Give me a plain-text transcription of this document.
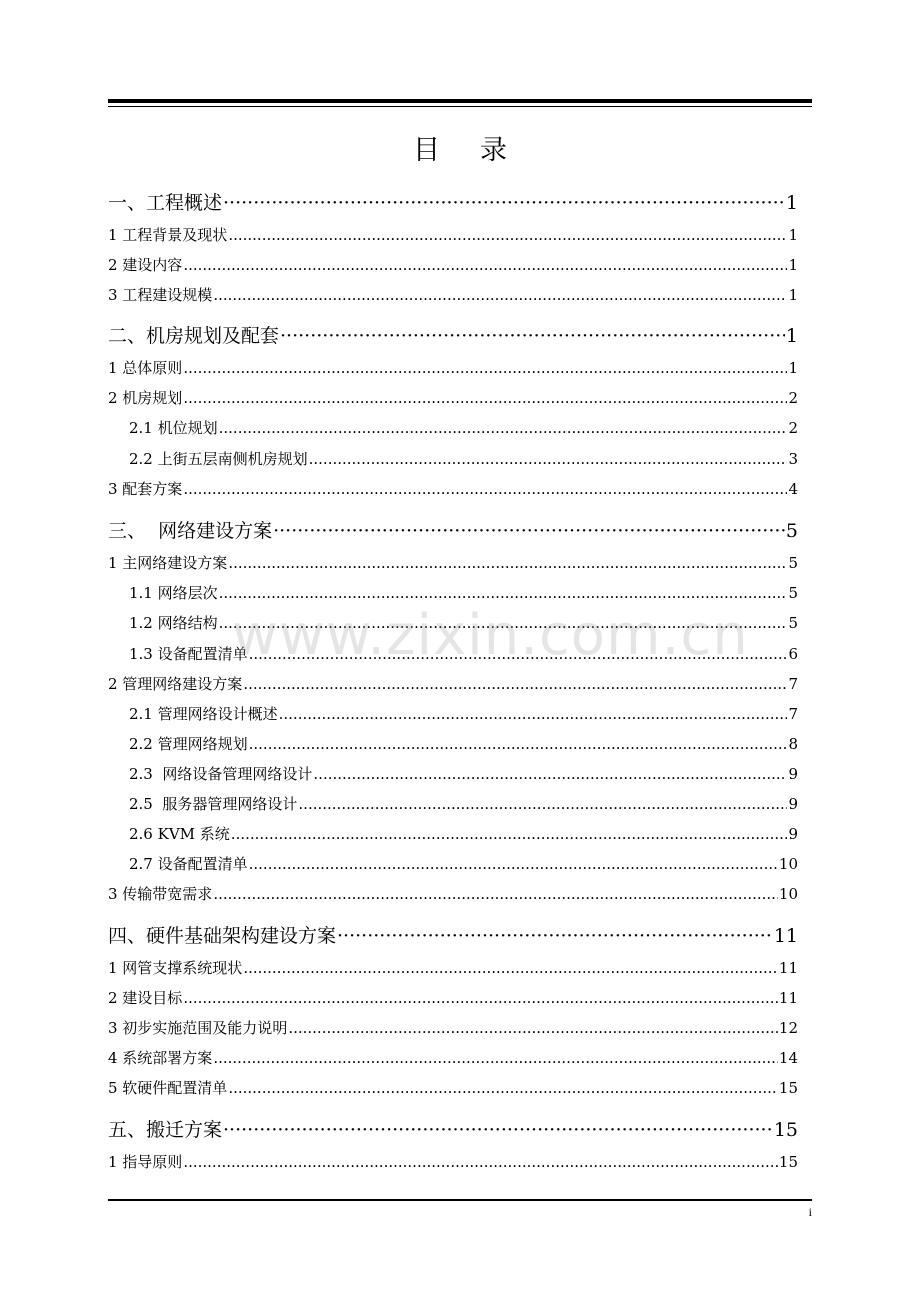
目 录
一、工程概述 ·····	1
1 工程背景及现状 .....	1
2 建设内容 .....	1
3 工程建设规模 .....	1
二、机房规划及配套 ·····	1
1 总体原则 .....	1
2 机房规划 .....	2
2.1 机位规划 .....	2
2.2 上街五层南侧机房规划 .....	3
3 配套方案 .....	4
三、  网络建设方案 ·····	5
1 主网络建设方案 .....	5
1.1 网络层次 .....	5
1.2 网络结构 .....	5
1.3 设备配置清单 .....	6
2 管理网络建设方案 .....	7
2.1 管理网络设计概述 .....	7
2.2 管理网络规划 .....	8
2.3  网络设备管理网络设计 .....	9
2.5  服务器管理网络设计 .....	9
2.6 KVM 系统 .....	9
2.7 设备配置清单 .....	10
3 传输带宽需求 .....	10
四、硬件基础架构建设方案 ·····	11
1 网管支撑系统现状 .....	11
2 建设目标 .....	11
3 初步实施范围及能力说明 .....	12
4 系统部署方案 .....	14
5 软硬件配置清单 .....	15
五、搬迁方案 ·····	15
1 指导原则 .....	15
www.zixin.com.cn
i
